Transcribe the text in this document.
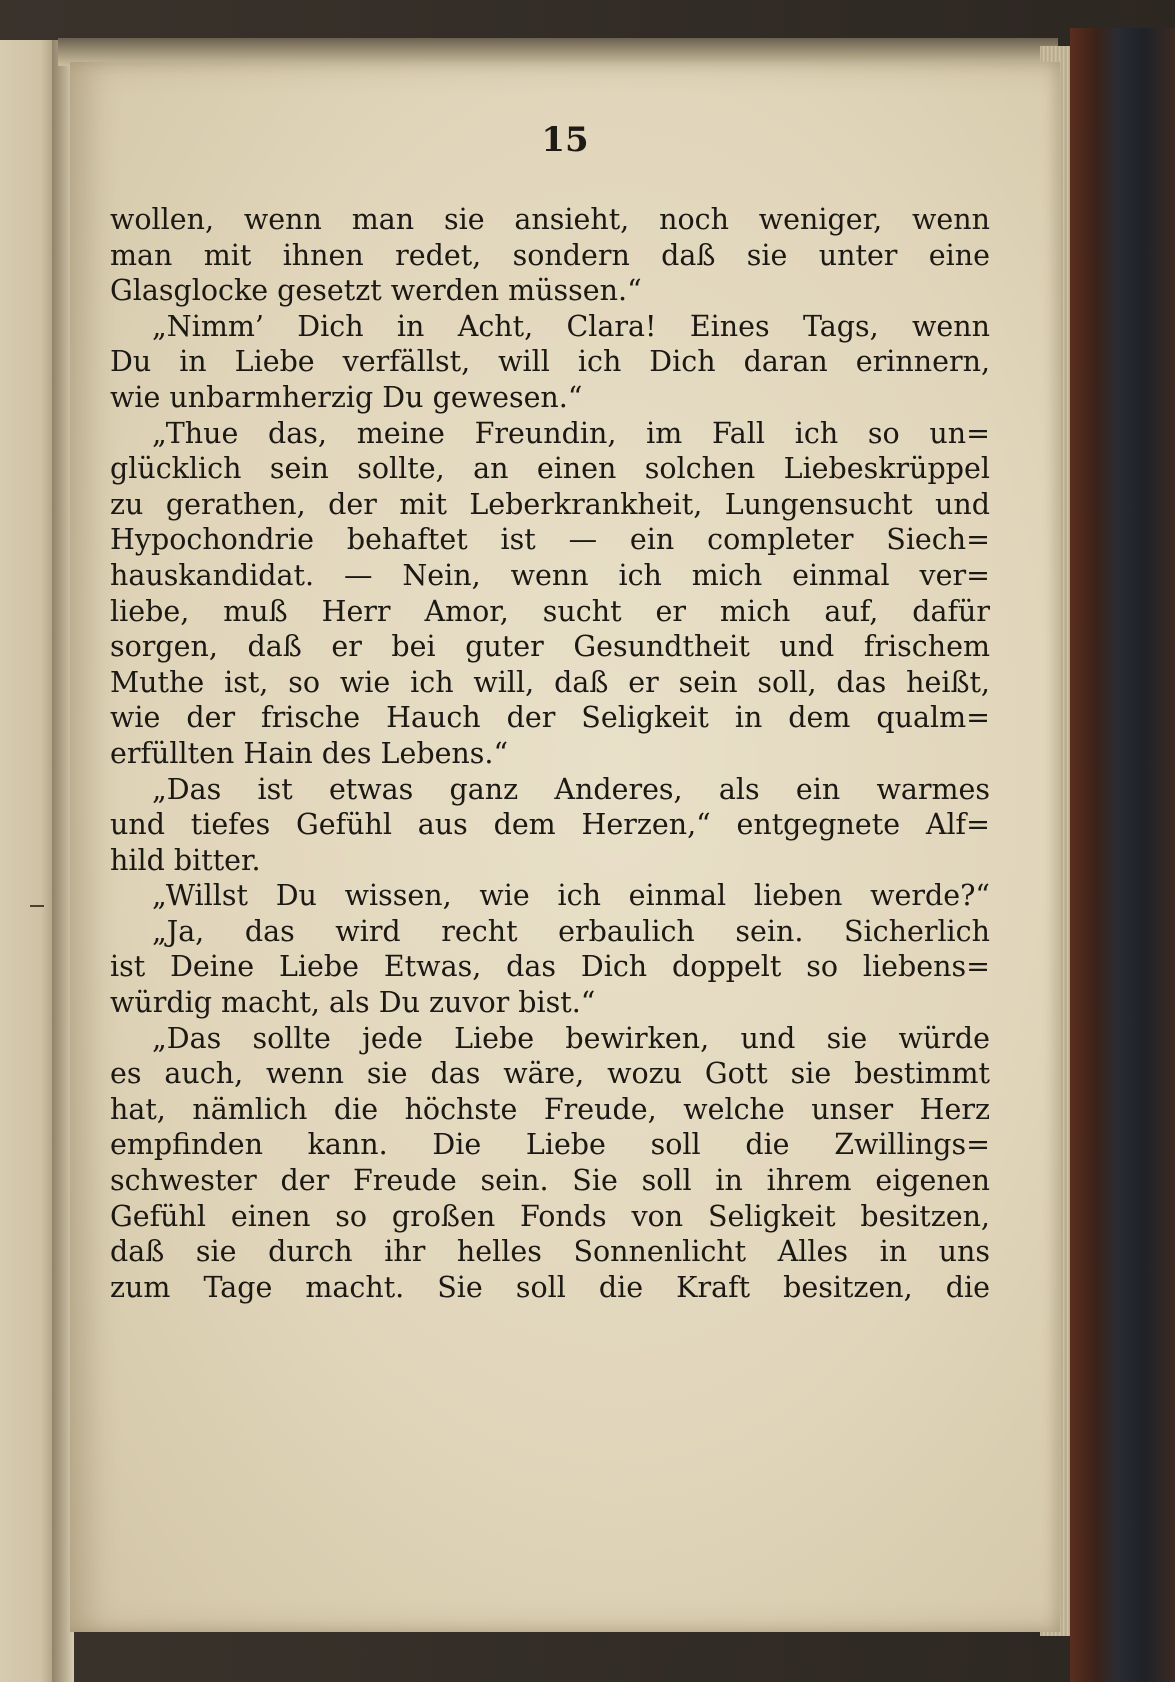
15
wollen, wenn man sie ansieht, noch weniger, wenn
man mit ihnen redet, sondern daß sie unter eine
Glasglocke gesetzt werden müssen.“
„Nimm’ Dich in Acht, Clara! Eines Tags, wenn
Du in Liebe verfällst, will ich Dich daran erinnern,
wie unbarmherzig Du gewesen.“
„Thue das, meine Freundin, im Fall ich so un=
glücklich sein sollte, an einen solchen Liebeskrüppel
zu gerathen, der mit Leberkrankheit, Lungensucht und
Hypochondrie behaftet ist — ein completer Siech=
hauskandidat. — Nein, wenn ich mich einmal ver=
liebe, muß Herr Amor, sucht er mich auf, dafür
sorgen, daß er bei guter Gesundtheit und frischem
Muthe ist, so wie ich will, daß er sein soll, das heißt,
wie der frische Hauch der Seligkeit in dem qualm=
erfüllten Hain des Lebens.“
„Das ist etwas ganz Anderes, als ein warmes
und tiefes Gefühl aus dem Herzen,“ entgegnete Alf=
hild bitter.
„Willst Du wissen, wie ich einmal lieben werde?“
„Ja, das wird recht erbaulich sein. Sicherlich
ist Deine Liebe Etwas, das Dich doppelt so liebens=
würdig macht, als Du zuvor bist.“
„Das sollte jede Liebe bewirken, und sie würde
es auch, wenn sie das wäre, wozu Gott sie bestimmt
hat, nämlich die höchste Freude, welche unser Herz
empfinden kann. Die Liebe soll die Zwillings=
schwester der Freude sein. Sie soll in ihrem eigenen
Gefühl einen so großen Fonds von Seligkeit besitzen,
daß sie durch ihr helles Sonnenlicht Alles in uns
zum Tage macht. Sie soll die Kraft besitzen, die
